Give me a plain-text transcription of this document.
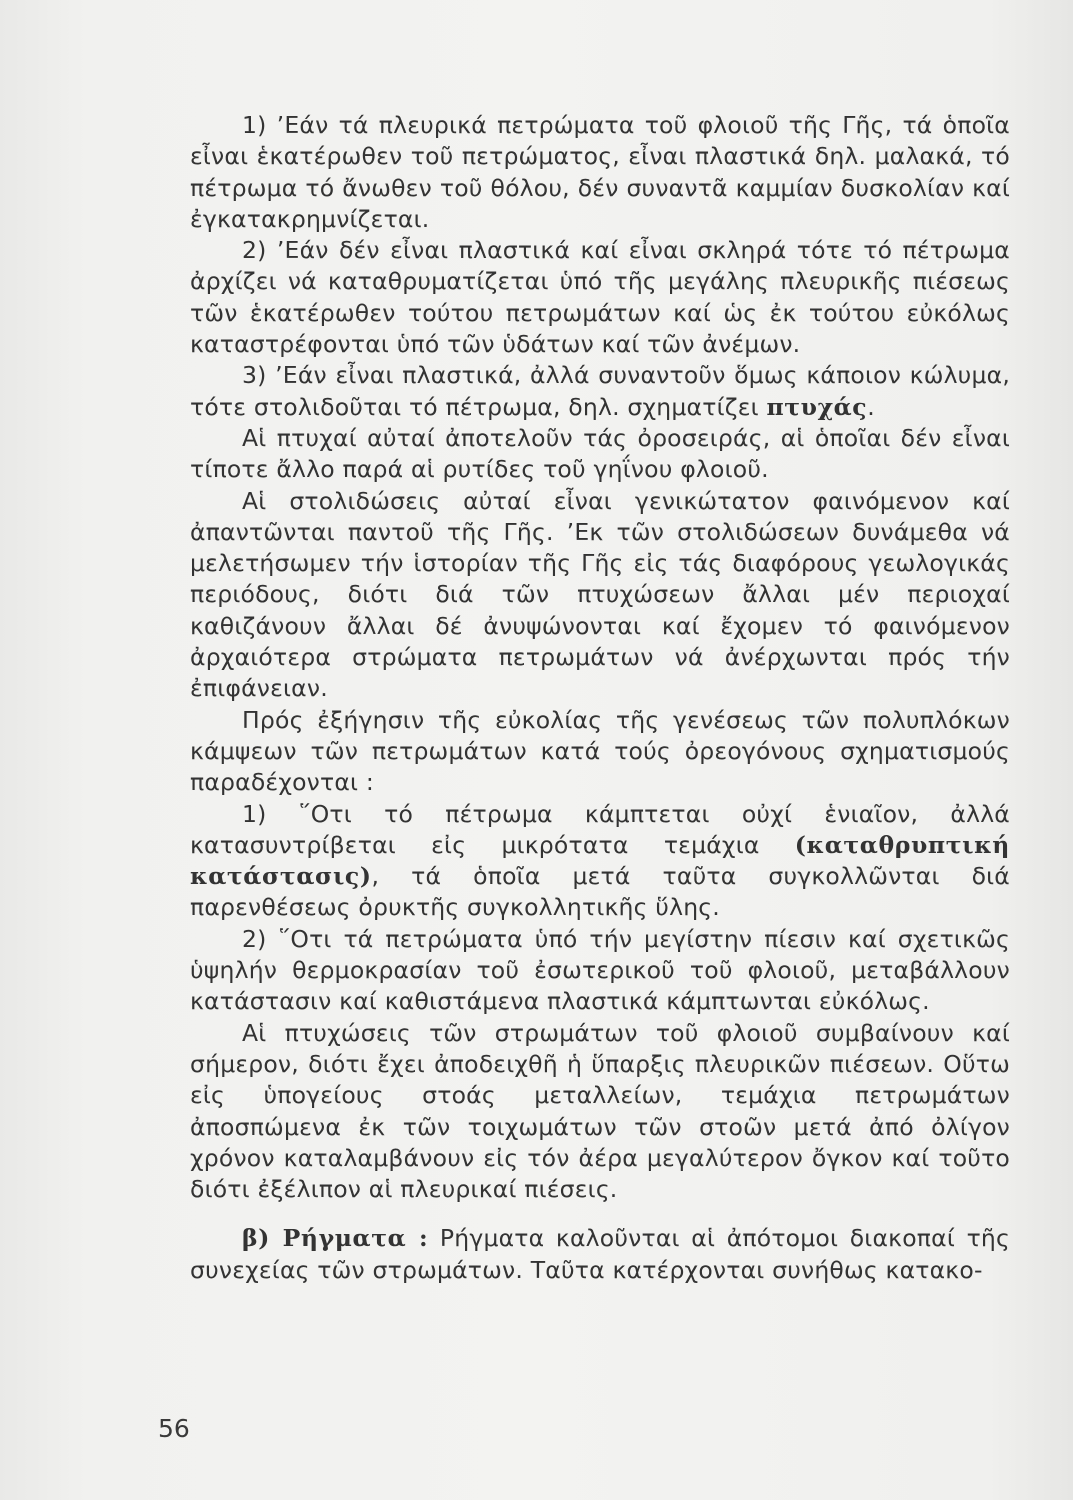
1) ’Εάν τά πλευρικά πετρώματα τοῦ φλοιοῦ τῆς Γῆς, τά ὁποῖα εἶναι ἑκατέρωθεν τοῦ πετρώματος, εἶναι πλαστικά δηλ. μαλακά, τό πέτρωμα τό ἄνωθεν τοῦ θόλου, δέν συναντᾶ καμμίαν δυσκολίαν καί ἐγκατακρημνίζεται.

2) ’Εάν δέν εἶναι πλαστικά καί εἶναι σκληρά τότε τό πέτρωμα ἀρχίζει νά καταθρυματίζεται ὑπό τῆς μεγάλης πλευρικῆς πιέσεως τῶν ἑκατέρωθεν τούτου πετρωμάτων καί ὡς ἐκ τούτου εὐκόλως καταστρέφονται ὑπό τῶν ὑδάτων καί τῶν ἀνέμων.

3) ’Εάν εἶναι πλαστικά, ἀλλά συναντοῦν ὅμως κάποιον κώλυμα, τότε στολιδοῦται τό πέτρωμα, δηλ. σχηματίζει πτυχάς.

Αἱ πτυχαί αὐταί ἀποτελοῦν τάς ὀροσειράς, αἱ ὁποῖαι δέν εἶναι τίποτε ἄλλο παρά αἱ ρυτίδες τοῦ γηΐνου φλοιοῦ.

Αἱ στολιδώσεις αὐταί εἶναι γενικώτατον φαινόμενον καί ἀπαντῶνται παντοῦ τῆς Γῆς. ’Εκ τῶν στολιδώσεων δυνάμεθα νά μελετήσωμεν τήν ἱστορίαν τῆς Γῆς εἰς τάς διαφόρους γεωλογικάς περιόδους, διότι διά τῶν πτυχώσεων ἄλλαι μέν περιοχαί καθιζάνουν ἄλλαι δέ ἀνυψώνονται καί ἔχομεν τό φαινόμενον ἀρχαιότερα στρώματα πετρωμάτων νά ἀνέρχωνται πρός τήν ἐπιφάνειαν.

Πρός ἐξήγησιν τῆς εὐκολίας τῆς γενέσεως τῶν πολυπλόκων κάμψεων τῶν πετρωμάτων κατά τούς ὀρεογόνους σχηματισμούς παραδέχονται :

1) ῞Οτι τό πέτρωμα κάμπτεται οὐχί ἑνιαῖον, ἀλλά κατασυντρίβεται εἰς μικρότατα τεμάχια (καταθρυπτική κατάστασις), τά ὁποῖα μετά ταῦτα συγκολλῶνται διά παρενθέσεως ὀρυκτῆς συγκολλητικῆς ὕλης.

2) ῞Οτι τά πετρώματα ὑπό τήν μεγίστην πίεσιν καί σχετικῶς ὑψηλήν θερμοκρασίαν τοῦ ἐσωτερικοῦ τοῦ φλοιοῦ, μεταβάλλουν κατάστασιν καί καθιστάμενα πλαστικά κάμπτωνται εὐκόλως.

Αἱ πτυχώσεις τῶν στρωμάτων τοῦ φλοιοῦ συμβαίνουν καί σήμερον, διότι ἔχει ἀποδειχθῆ ἡ ὕπαρξις πλευρικῶν πιέσεων. Οὕτω εἰς ὑπογείους στοάς μεταλλείων, τεμάχια πετρωμάτων ἀποσπώμενα ἐκ τῶν τοιχωμάτων τῶν στοῶν μετά ἀπό ὀλίγον χρόνον καταλαμβάνουν εἰς τόν ἀέρα μεγαλύτερον ὄγκον καί τοῦτο διότι ἐξέλιπον αἱ πλευρικαί πιέσεις.

β) Ρήγματα : Ρήγματα καλοῦνται αἱ ἀπότομοι διακοπαί τῆς συνεχείας τῶν στρωμάτων. Ταῦτα κατέρχονται συνήθως κατακο-

56
